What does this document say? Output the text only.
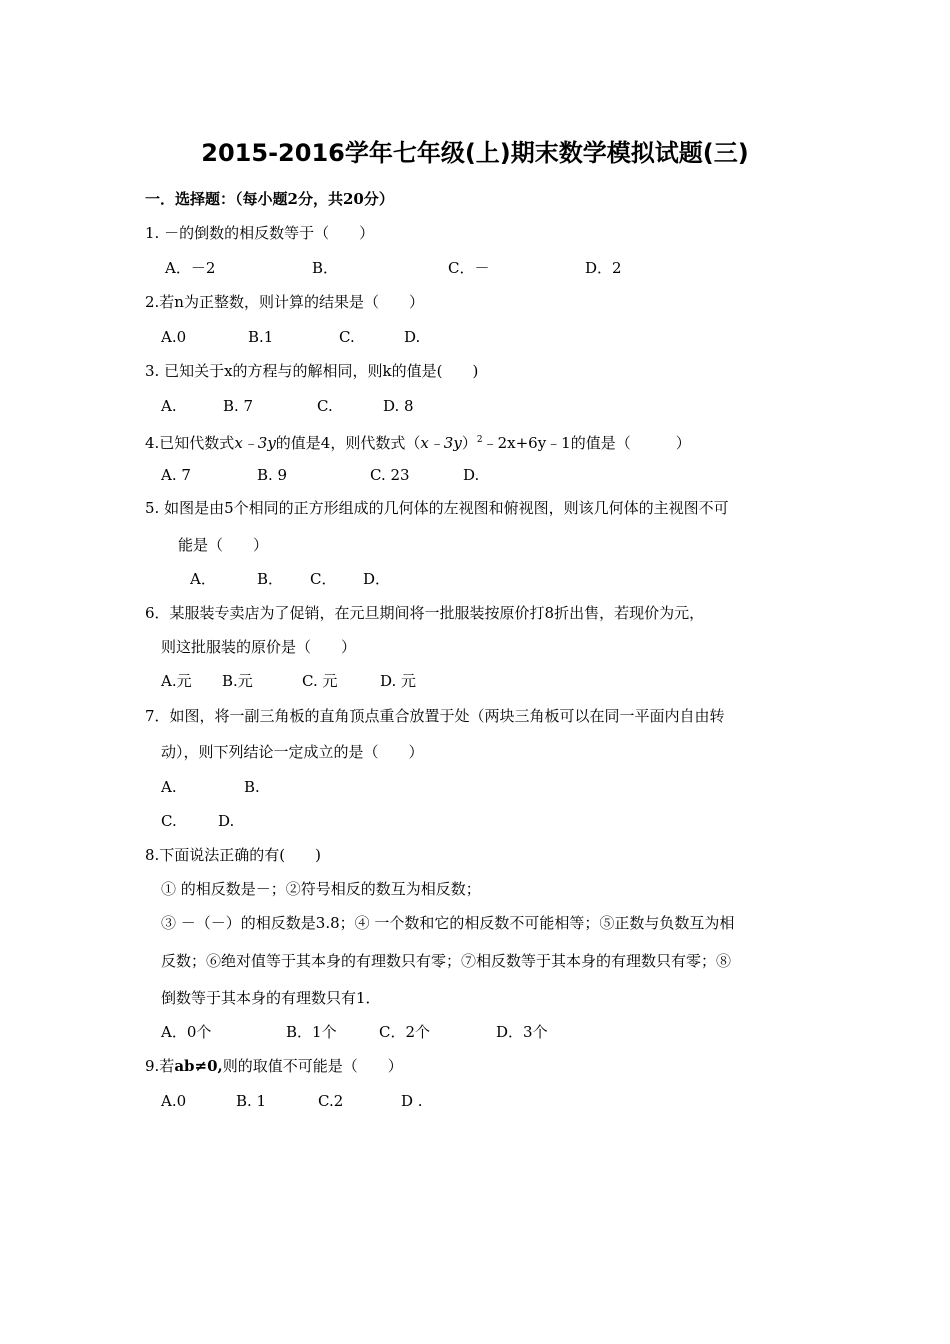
2015-2016学年七年级(上)期末数学模拟试题(三)
一．选择题：（每小题2分，共20分）
1. －的倒数的相反数等于（　　）
A．－2	B．	C．－	D．2
2.若n为正整数，则计算的结果是（　　）
A.0	B.1	C.	D.
3. 已知关于x的方程与的解相同，则k的值是(　　)
A.	B. 7	C.	D. 8
4.已知代数式x﹣3y的值是4，则代数式（x﹣3y）$^2$﹣2x+6y﹣1的值是（　　　）
A. 7	B. 9	C. 23	D.
5. 如图是由5个相同的正方形组成的几何体的左视图和俯视图，则该几何体的主视图不可
能是（　　）
A．	B． C． D．
6．某服装专卖店为了促销，在元旦期间将一批服装按原价打8折出售，若现价为元，
则这批服装的原价是（　　）
A.元 B.元	C. 元	D. 元
7．如图，将一副三角板的直角顶点重合放置于处（两块三角板可以在同一平面内自由转
动），则下列结论一定成立的是（　　）
A.	B.
C.	D.
8.下面说法正确的有(　　)
① 的相反数是－；②符号相反的数互为相反数；
③ －（－）的相反数是3.8；④ 一个数和它的相反数不可能相等；⑤正数与负数互为相
反数；⑥绝对值等于其本身的有理数只有零；⑦相反数等于其本身的有理数只有零；⑧
倒数等于其本身的有理数只有1．
A．0个	B．1个	C．2个	D．3个
9.若ab≠0,则的取值不可能是（　　）
A.0	B. 1	C.2	D .
